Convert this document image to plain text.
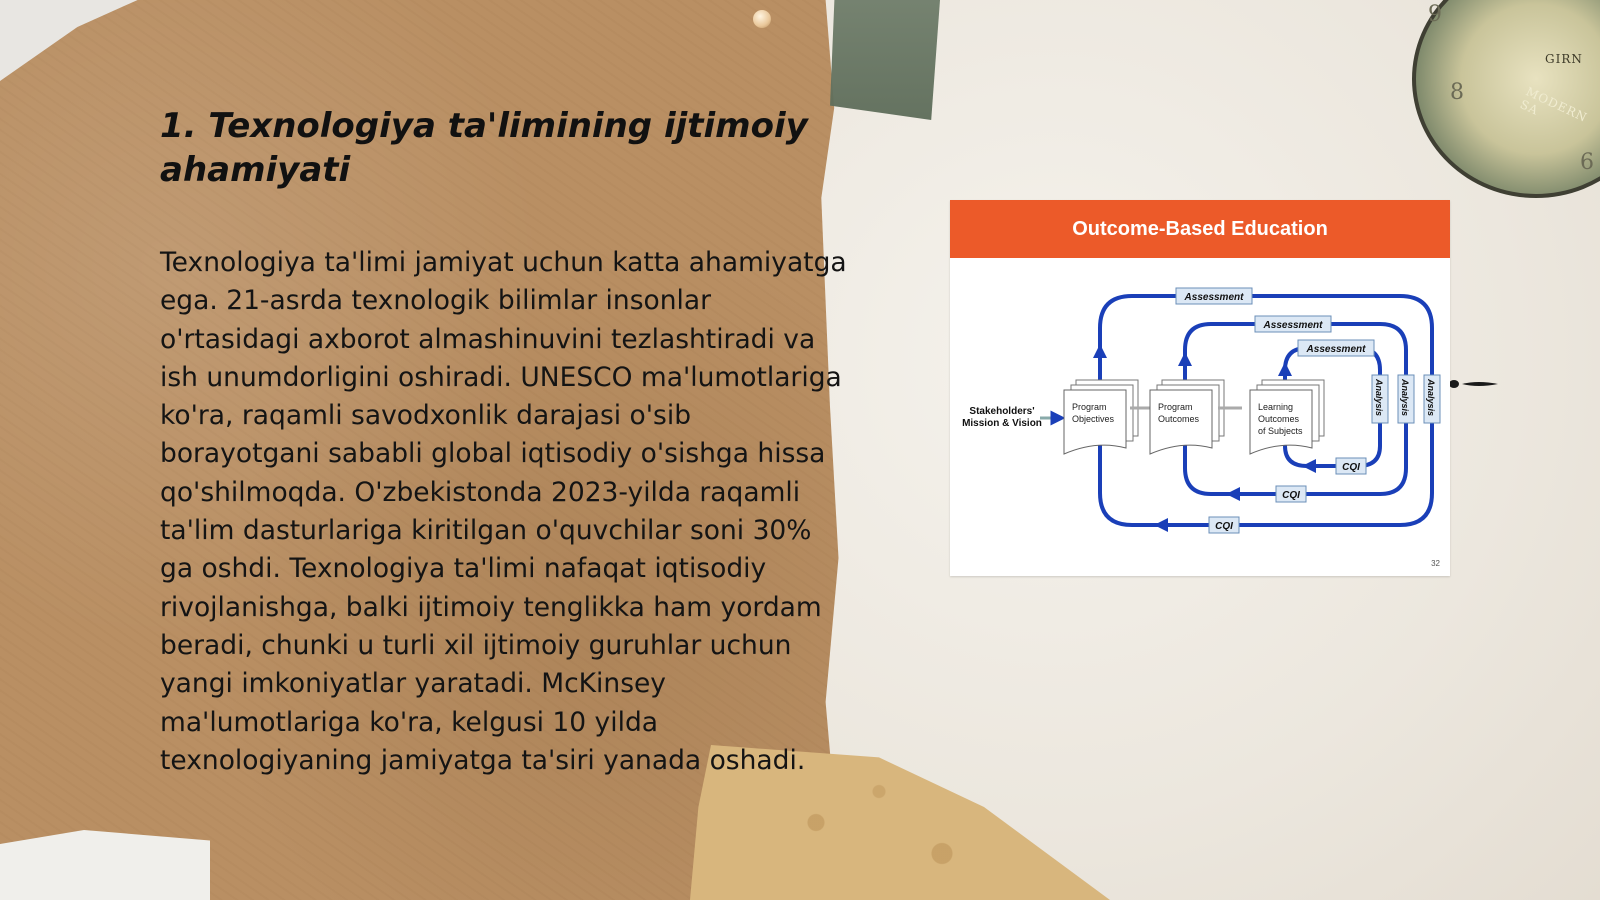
9
8
6
GIRN
MODERN SA
1. Texnologiya ta'limining ijtimoiy ahamiyati

Texnologiya ta'limi jamiyat uchun katta ahamiyatga ega. 21-asrda texnologik bilimlar insonlar o'rtasidagi axborot almashinuvini tezlashtiradi va ish unumdorligini oshiradi. UNESCO ma'lumotlariga ko'ra, raqamli savodxonlik darajasi o'sib borayotgani sababli global iqtisodiy o'sishga hissa qo'shilmoqda. O'zbekistonda 2023-yilda raqamli ta'lim dasturlariga kiritilgan o'quvchilar soni 30% ga oshdi. Texnologiya ta'limi nafaqat iqtisodiy rivojlanishga, balki ijtimoiy tenglikka ham yordam beradi, chunki u turli xil ijtimoiy guruhlar uchun yangi imkoniyatlar yaratadi. McKinsey ma'lumotlariga ko'ra, kelgusi 10 yilda texnologiyaning jamiyatga ta'siri yanada oshadi.

Outcome-Based Education
Stakeholders'
Mission & Vision
Program
Objectives
Program
Outcomes
Learning
Outcomes
of Subjects
Assessment
Assessment
Assessment
Analysis Analysis Analysis
CQI
CQI
CQI
32
